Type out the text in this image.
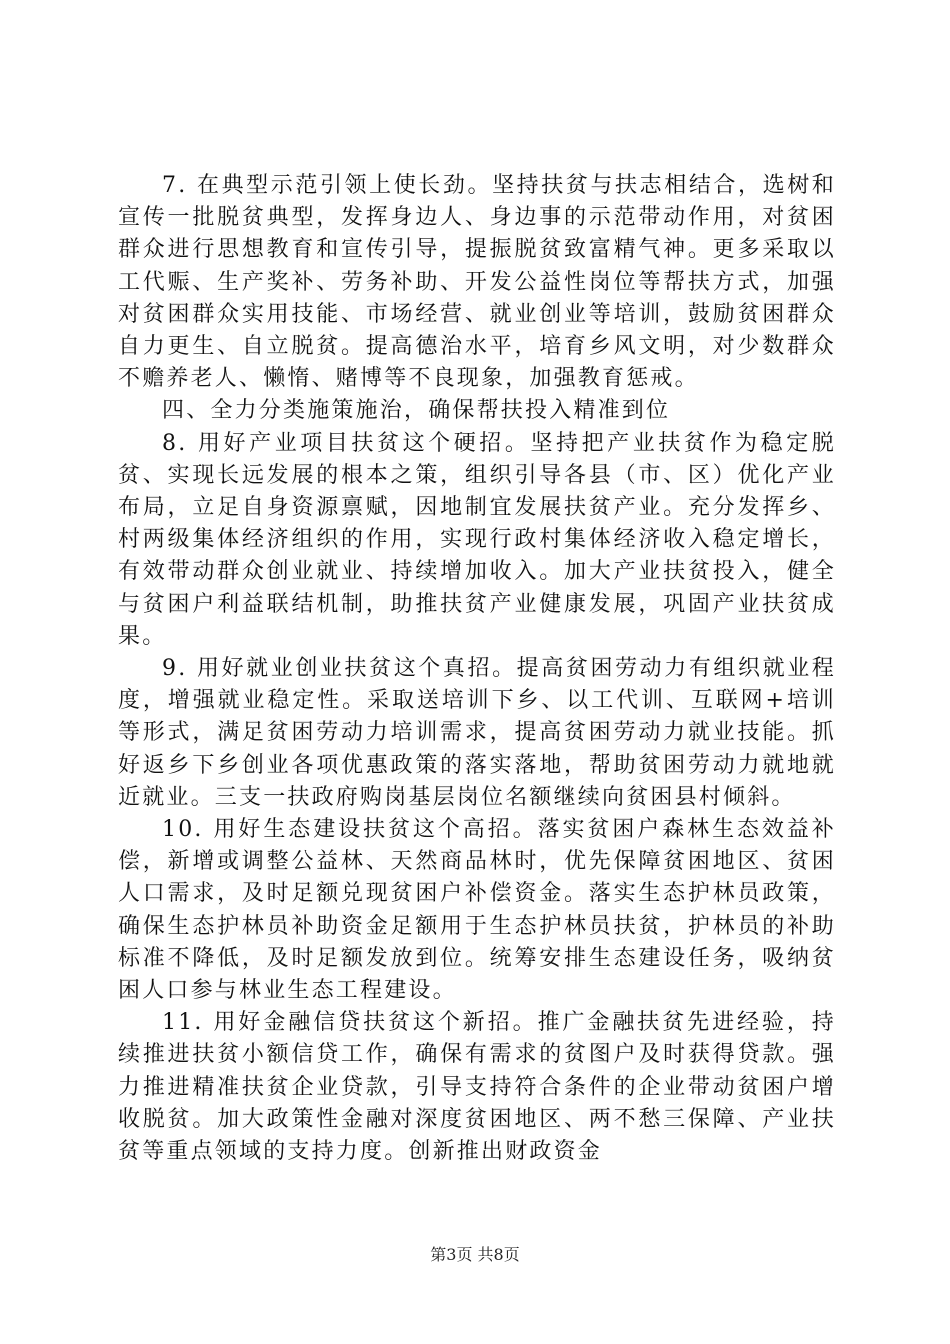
7. 在典型示范引领上使长劲。坚持扶贫与扶志相结合，选树和宣传一批脱贫典型，发挥身边人、身边事的示范带动作用，对贫困群众进行思想教育和宣传引导，提振脱贫致富精气神。更多采取以工代赈、生产奖补、劳务补助、开发公益性岗位等帮扶方式，加强对贫困群众实用技能、市场经营、就业创业等培训，鼓励贫困群众自力更生、自立脱贫。提高德治水平，培育乡风文明，对少数群众不赡养老人、懒惰、赌博等不良现象，加强教育惩戒。

四、全力分类施策施治，确保帮扶投入精准到位

8. 用好产业项目扶贫这个硬招。坚持把产业扶贫作为稳定脱贫、实现长远发展的根本之策，组织引导各县（市、区）优化产业布局，立足自身资源禀赋，因地制宜发展扶贫产业。充分发挥乡、村两级集体经济组织的作用，实现行政村集体经济收入稳定增长，有效带动群众创业就业、持续增加收入。加大产业扶贫投入，健全与贫困户利益联结机制，助推扶贫产业健康发展，巩固产业扶贫成果。

9. 用好就业创业扶贫这个真招。提高贫困劳动力有组织就业程度，增强就业稳定性。采取送培训下乡、以工代训、互联网+培训等形式，满足贫困劳动力培训需求，提高贫困劳动力就业技能。抓好返乡下乡创业各项优惠政策的落实落地，帮助贫困劳动力就地就近就业。三支一扶政府购岗基层岗位名额继续向贫困县村倾斜。

10. 用好生态建设扶贫这个高招。落实贫困户森林生态效益补偿，新增或调整公益林、天然商品林时，优先保障贫困地区、贫困人口需求，及时足额兑现贫困户补偿资金。落实生态护林员政策，确保生态护林员补助资金足额用于生态护林员扶贫，护林员的补助标准不降低，及时足额发放到位。统筹安排生态建设任务，吸纳贫困人口参与林业生态工程建设。

11. 用好金融信贷扶贫这个新招。推广金融扶贫先进经验，持续推进扶贫小额信贷工作，确保有需求的贫图户及时获得贷款。强力推进精准扶贫企业贷款，引导支持符合条件的企业带动贫困户增收脱贫。加大政策性金融对深度贫困地区、两不愁三保障、产业扶贫等重点领域的支持力度。创新推出财政资金

第3页 共8页
